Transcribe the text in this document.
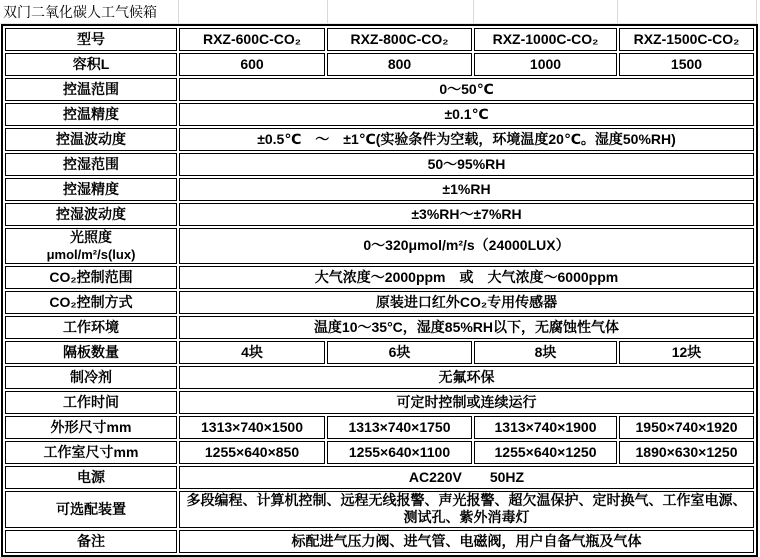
双门二氧化碳人工气候箱
型号	RXZ-600C-CO₂	RXZ-800C-CO₂	RXZ-1000C-CO₂	RXZ-1500C-CO₂
容积L	600	800	1000	1500
控温范围	0～50℃			
控温精度	±0.1℃			
控温波动度	±0.5℃　～　±1℃(实验条件为空载，环境温度20℃。湿度50%RH)			
控湿范围	50～95%RH			
控湿精度	±1%RH			
控湿波动度	±3%RH～±7%RH			

光照度
μmol/m²/s(lux)	0～320μmol/m²/s（24000LUX）			
CO₂控制范围	大气浓度～2000ppm　或　大气浓度～6000ppm			
CO₂控制方式	原装进口红外CO₂专用传感器			
工作环境	温度10～35°C，湿度85%RH以下，无腐蚀性气体			
隔板数量	4块	6块	8块	12块
制冷剂	无氟环保			
工作时间	可定时控制或连续运行			
外形尺寸mm	1313×740×1500	1313×740×1750	1313×740×1900	1950×740×1920
工作室尺寸mm	1255×640×850	1255×640×1100	1255×640×1250	1890×630×1250
电源	AC220V　　50HZ			
可选配装置	多段编程、计算机控制、远程无线报警、声光报警、超欠温保护、定时换气、工作室电源、测试孔、紫外消毒灯			
备注	标配进气压力阀、进气管、电磁阀，用户自备气瓶及气体			
